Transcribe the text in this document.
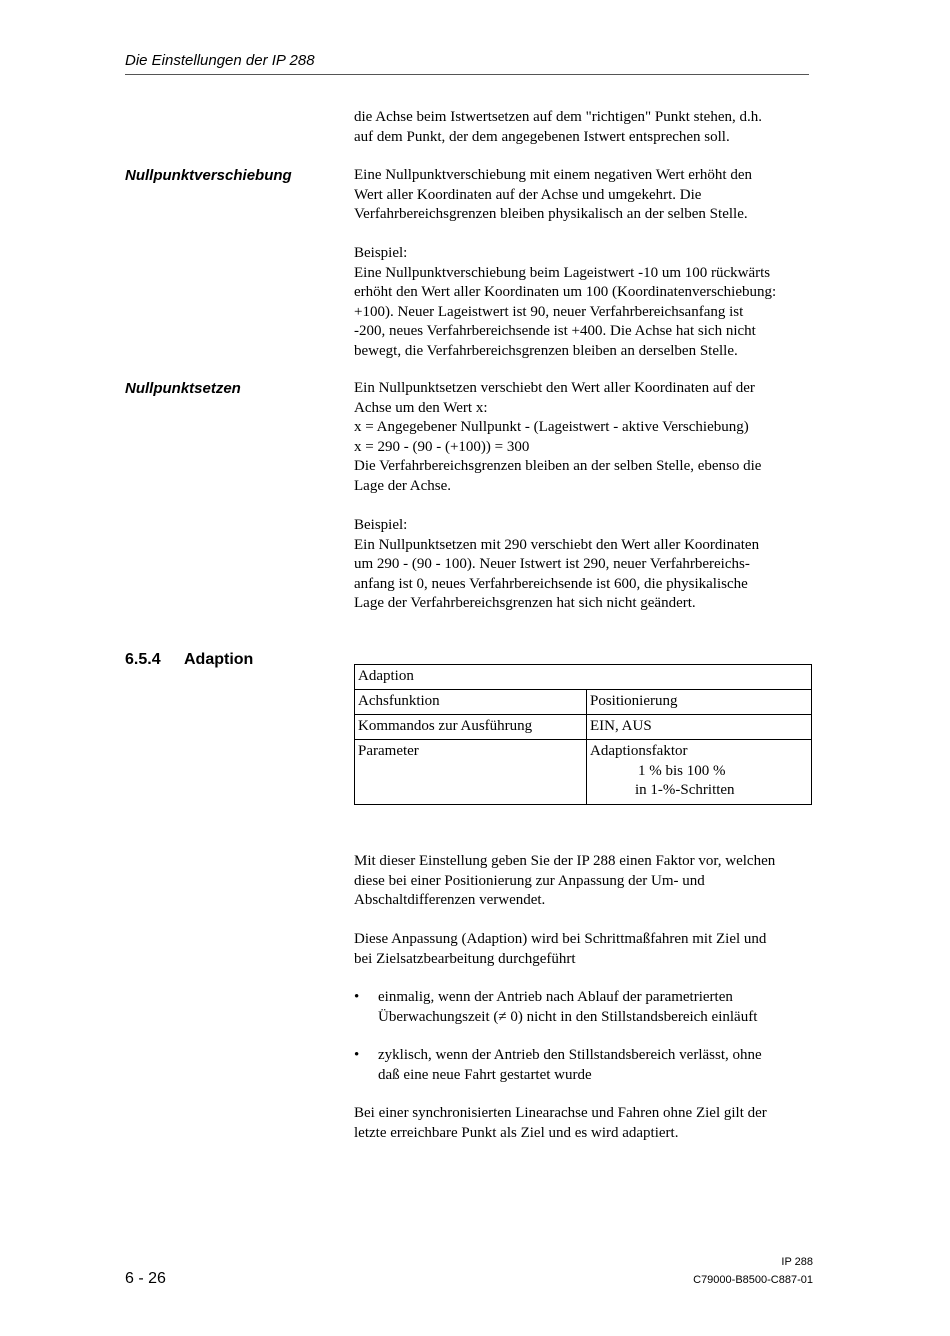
Die Einstellungen der IP 288
die Achse beim Istwertsetzen auf dem "richtigen" Punkt stehen, d.h.
auf dem Punkt, der dem angegebenen Istwert entsprechen soll.
Nullpunktverschiebung	Eine Nullpunktverschiebung mit einem negativen Wert erhöht den
Wert aller Koordinaten auf der Achse und umgekehrt. Die
Verfahrbereichsgrenzen bleiben physikalisch an der selben Stelle.
Beispiel:
Eine Nullpunktverschiebung beim Lageistwert -10 um 100 rückwärts
erhöht den Wert aller Koordinaten um 100 (Koordinatenverschiebung:
+100). Neuer Lageistwert ist 90, neuer Verfahrbereichsanfang ist
-200, neues Verfahrbereichsende ist +400. Die Achse hat sich nicht
bewegt, die Verfahrbereichsgrenzen bleiben an derselben Stelle.
Nullpunktsetzen	Ein Nullpunktsetzen verschiebt den Wert aller Koordinaten auf der
Achse um den Wert x:
x = Angegebener Nullpunkt - (Lageistwert - aktive Verschiebung)
x = 290 - (90 - (+100)) = 300
Die Verfahrbereichsgrenzen bleiben an der selben Stelle, ebenso die
Lage der Achse.
Beispiel:
Ein Nullpunktsetzen mit 290 verschiebt den Wert aller Koordinaten
um 290 - (90 - 100). Neuer Istwert ist 290, neuer Verfahrbereichs-
anfang ist 0, neues Verfahrbereichsende ist 600, die physikalische
Lage der Verfahrbereichsgrenzen hat sich nicht geändert.
6.5.4 Adaption
Adaption	
Achsfunktion	Positionierung
Kommandos zur Ausführung	EIN, AUS
Parameter	Adaptionsfaktor
1 % bis 100 %
in 1-%-Schritten
Mit dieser Einstellung geben Sie der IP 288 einen Faktor vor, welchen
diese bei einer Positionierung zur Anpassung der Um- und
Abschaltdifferenzen verwendet.
Diese Anpassung (Adaption) wird bei Schrittmaßfahren mit Ziel und
bei Zielsatzbearbeitung durchgeführt
• einmalig, wenn der Antrieb nach Ablauf der parametrierten
Überwachungszeit (≠ 0) nicht in den Stillstandsbereich einläuft
• zyklisch, wenn der Antrieb den Stillstandsbereich verlässt, ohne
daß eine neue Fahrt gestartet wurde
Bei einer synchronisierten Linearachse und Fahren ohne Ziel gilt der
letzte erreichbare Punkt als Ziel und es wird adaptiert.
6 - 26
IP 288
C79000-B8500-C887-01
